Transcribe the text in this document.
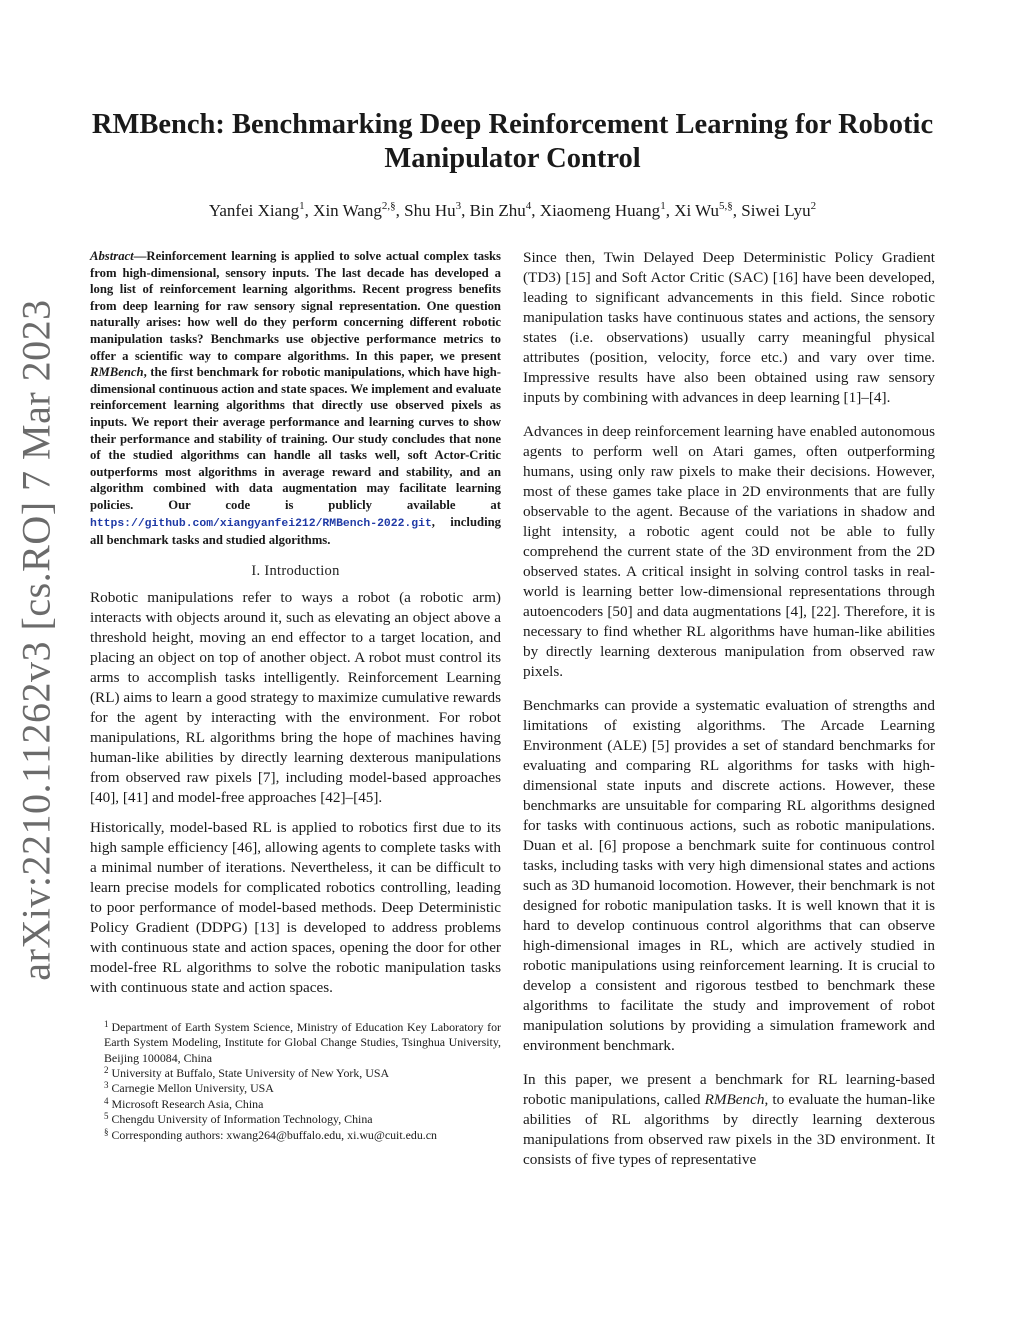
arXiv:2210.11262v3 [cs.RO] 7 Mar 2023
RMBench: Benchmarking Deep Reinforcement Learning for Robotic Manipulator Control
Yanfei Xiang$^1$, Xin Wang$^{2,\S}$, Shu Hu$^3$, Bin Zhu$^4$, Xiaomeng Huang$^1$, Xi $Wu^{5,\S}$, Siwei Lyu$^2$

Abstract—Reinforcement learning is applied to solve actual complex tasks from high-dimensional, sensory inputs. The last decade has developed a long list of reinforcement learning algorithms. Recent progress benefits from deep learning for raw sensory signal representation. One question naturally arises: how well do they perform concerning different robotic manipulation tasks? Benchmarks use objective performance metrics to offer a scientific way to compare algorithms. In this paper, we present RMBench, the first benchmark for robotic manipulations, which have high-dimensional continuous action and state spaces. We implement and evaluate reinforcement learning algorithms that directly use observed pixels as inputs. We report their average performance and learning curves to show their performance and stability of training. Our study concludes that none of the studied algorithms can handle all tasks well, soft Actor-Critic outperforms most algorithms in average reward and stability, and an algorithm combined with data augmentation may facilitate learning policies. Our code is publicly available at https://github.com/xiangyanfei212/RMBench-2022.git, including all benchmark tasks and studied algorithms.

I. Introduction

Robotic manipulations refer to ways a robot (a robotic arm) interacts with objects around it, such as elevating an object above a threshold height, moving an end effector to a target location, and placing an object on top of another object. A robot must control its arms to accomplish tasks intelligently. Reinforcement Learning (RL) aims to learn a good strategy to maximize cumulative rewards for the agent by interacting with the environment. For robot manipulations, RL algorithms bring the hope of machines having human-like abilities by directly learning dexterous manipulations from observed raw pixels [7], including model-based approaches [40], [41] and model-free approaches [42]–[45].

Historically, model-based RL is applied to robotics first due to its high sample efficiency [46], allowing agents to complete tasks with a minimal number of iterations. Nevertheless, it can be difficult to learn precise models for complicated robotics controlling, leading to poor performance of model-based methods. Deep Deterministic Policy Gradient (DDPG) [13] is developed to address problems with continuous state and action spaces, opening the door for other model-free RL algorithms to solve the robotic manipulation tasks with continuous state and action spaces.

$^1$ Department of Earth System Science, Ministry of Education Key Laboratory for Earth System Modeling, Institute for Global Change Studies, Tsinghua University, Beijing 100084, China

$^2$ University at Buffalo, State University of New York, USA

$^3$ Carnegie Mellon University, USA

$^4$ Microsoft Research Asia, China

$^5$ Chengdu University of Information Technology, China

§ Corresponding authors: xwang264@buffalo.edu, xi.wu@cuit.edu.cn

Since then, Twin Delayed Deep Deterministic Policy Gradient (TD3) [15] and Soft Actor Critic (SAC) [16] have been developed, leading to significant advancements in this field. Since robotic manipulation tasks have continuous states and actions, the sensory states (i.e. observations) usually carry meaningful physical attributes (position, velocity, force etc.) and vary over time. Impressive results have also been obtained using raw sensory inputs by combining with advances in deep learning [1]–[4].

Advances in deep reinforcement learning have enabled autonomous agents to perform well on Atari games, often outperforming humans, using only raw pixels to make their decisions. However, most of these games take place in 2D environments that are fully observable to the agent. Because of the variations in shadow and light intensity, a robotic agent could not be able to fully comprehend the current state of the 3D environment from the 2D observed states. A critical insight in solving control tasks in real-world is learning better low-dimensional representations through autoencoders [50] and data augmentations [4], [22]. Therefore, it is necessary to find whether RL algorithms have human-like abilities by directly learning dexterous manipulation from observed raw pixels.

Benchmarks can provide a systematic evaluation of strengths and limitations of existing algorithms. The Arcade Learning Environment (ALE) [5] provides a set of standard benchmarks for evaluating and comparing RL algorithms for tasks with high-dimensional state inputs and discrete actions. However, these benchmarks are unsuitable for comparing RL algorithms designed for tasks with continuous actions, such as robotic manipulations. Duan et al. [6] propose a benchmark suite for continuous control tasks, including tasks with very high dimensional states and actions such as 3D humanoid locomotion. However, their benchmark is not designed for robotic manipulation tasks. It is well known that it is hard to develop continuous control algorithms that can observe high-dimensional images in RL, which are actively studied in robotic manipulations using reinforcement learning. It is crucial to develop a consistent and rigorous testbed to benchmark these algorithms to facilitate the study and improvement of robot manipulation solutions by providing a simulation framework and environment benchmark.

In this paper, we present a benchmark for RL learning-based robotic manipulations, called RMBench, to evaluate the human-like abilities of RL algorithms by directly learning dexterous manipulations from observed raw pixels in the 3D environment. It consists of five types of representative
